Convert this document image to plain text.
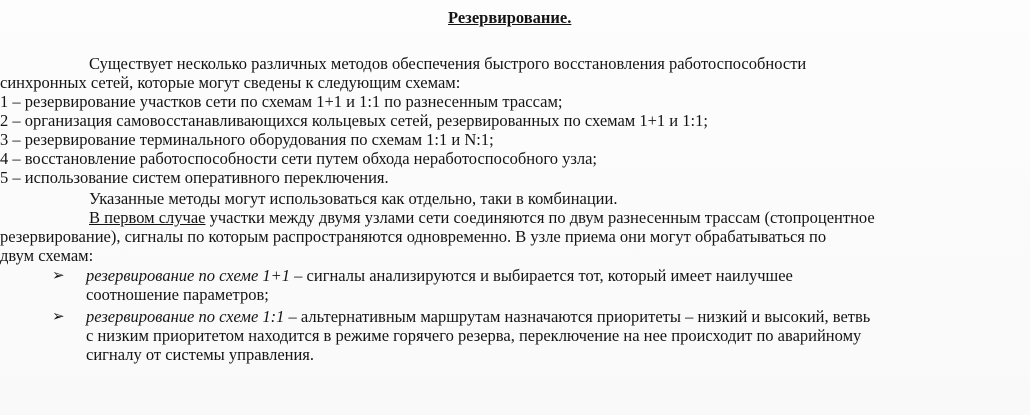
Резервирование.
Существует несколько различных методов обеспечения быстрого восстановления работоспособности
синхронных сетей, которые могут сведены к следующим схемам:
1 – резервирование участков сети по схемам 1+1 и 1:1 по разнесенным трассам;
2 – организация самовосстанавливающихся кольцевых сетей, резервированных по схемам 1+1 и 1:1;
3 – резервирование терминального оборудования по схемам 1:1 и N:1;
4 – восстановление работоспособности сети путем обхода неработоспособного узла;
5 – использование систем оперативного переключения.
Указанные методы могут использоваться как отдельно, таки в комбинации.
В первом случае участки между двумя узлами сети соединяются по двум разнесенным трассам (стопроцентное
резервирование), сигналы по которым распространяются одновременно. В узле приема они могут обрабатываться по
двум схемам:
➢ резервирование по схеме 1+1 – сигналы анализируются и выбирается тот, который имеет наилучшее
соотношение параметров;
➢ резервирование по схеме 1:1 – альтернативным маршрутам назначаются приоритеты – низкий и высокий, ветвь
с низким приоритетом находится в режиме горячего резерва, переключение на нее происходит по аварийному
сигналу от системы управления.
